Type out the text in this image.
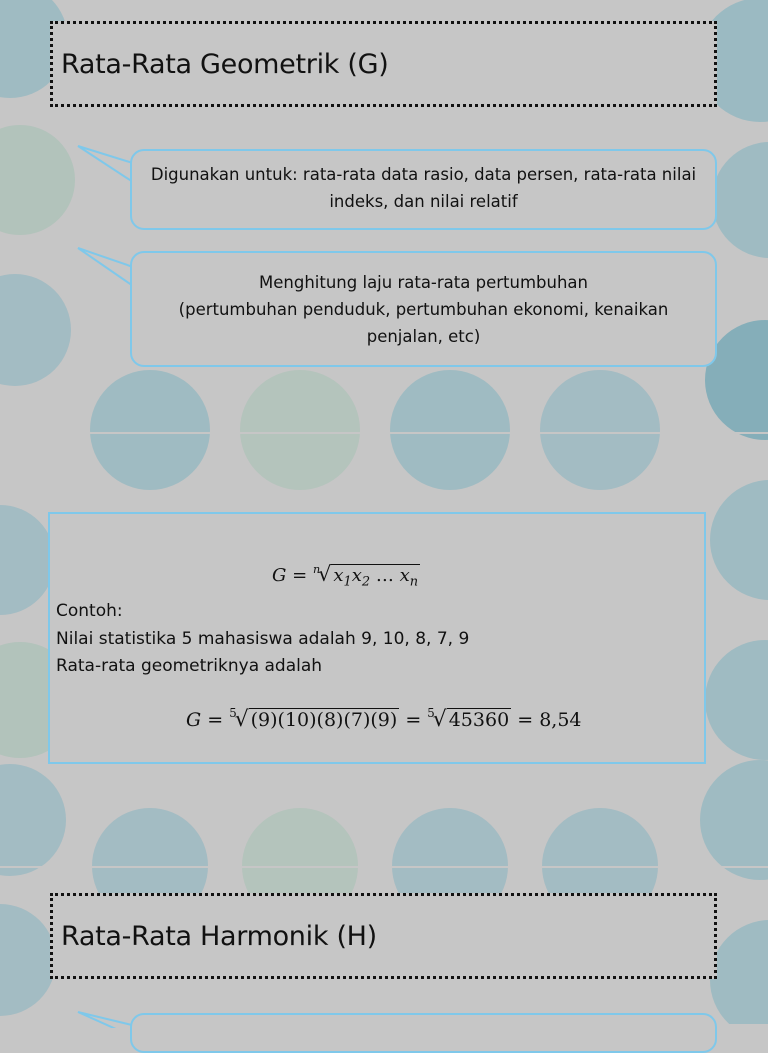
Rata-Rata Geometrik (G)
Digunakan untuk: rata-rata data rasio, data persen, rata-rata nilai indeks, dan nilai relatif
Menghitung laju rata-rata pertumbuhan
(pertumbuhan penduduk, pertumbuhan ekonomi, kenaikan penjalan, etc)
G = $^n$√ $x_1x_2$ … $x_n$
Contoh:
Nilai statistika 5 mahasiswa adalah 9, 10, 8, 7, 9
Rata-rata geometriknya adalah
G = $^5$√ (9)(10)(8)(7)(9) = $^5$√ 45360 = 8,54
Rata-Rata Harmonik (H)
